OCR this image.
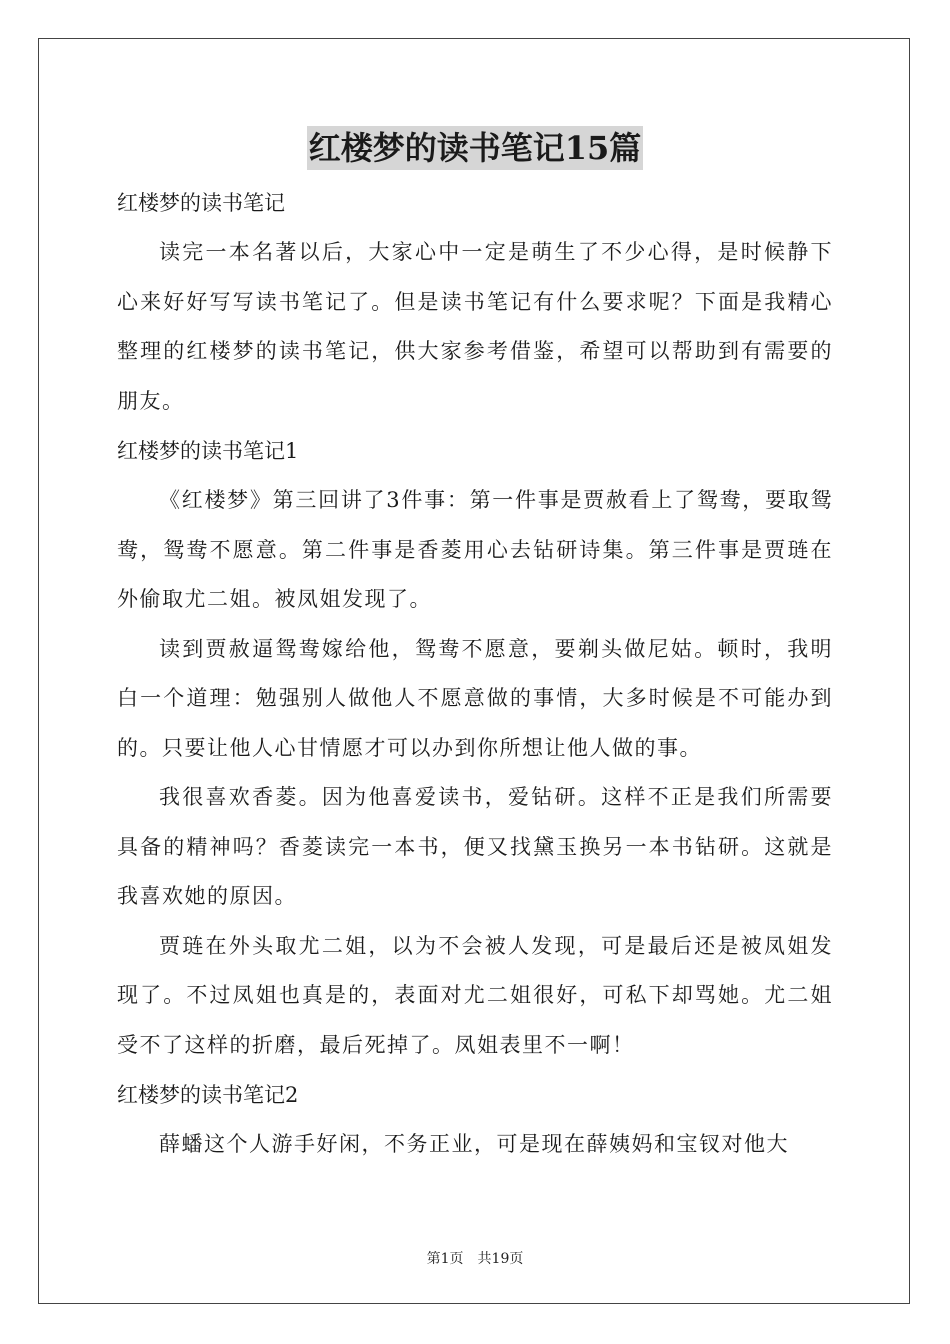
红楼梦的读书笔记15篇

红楼梦的读书笔记

读完一本名著以后，大家心中一定是萌生了不少心得，是时候静下心来好好写写读书笔记了。但是读书笔记有什么要求呢？下面是我精心整理的红楼梦的读书笔记，供大家参考借鉴，希望可以帮助到有需要的朋友。

红楼梦的读书笔记1

《红楼梦》第三回讲了3件事：第一件事是贾赦看上了鸳鸯，要取鸳鸯，鸳鸯不愿意。第二件事是香菱用心去钻研诗集。第三件事是贾琏在外偷取尤二姐。被凤姐发现了。

读到贾赦逼鸳鸯嫁给他，鸳鸯不愿意，要剃头做尼姑。顿时，我明白一个道理：勉强别人做他人不愿意做的事情，大多时候是不可能办到的。只要让他人心甘情愿才可以办到你所想让他人做的事。

我很喜欢香菱。因为他喜爱读书，爱钻研。这样不正是我们所需要具备的精神吗？香菱读完一本书，便又找黛玉换另一本书钻研。这就是我喜欢她的原因。

贾琏在外头取尤二姐，以为不会被人发现，可是最后还是被凤姐发现了。不过凤姐也真是的，表面对尤二姐很好，可私下却骂她。尤二姐受不了这样的折磨，最后死掉了。凤姐表里不一啊！

红楼梦的读书笔记2

薛蟠这个人游手好闲，不务正业，可是现在薛姨妈和宝钗对他大

第1页　共19页
